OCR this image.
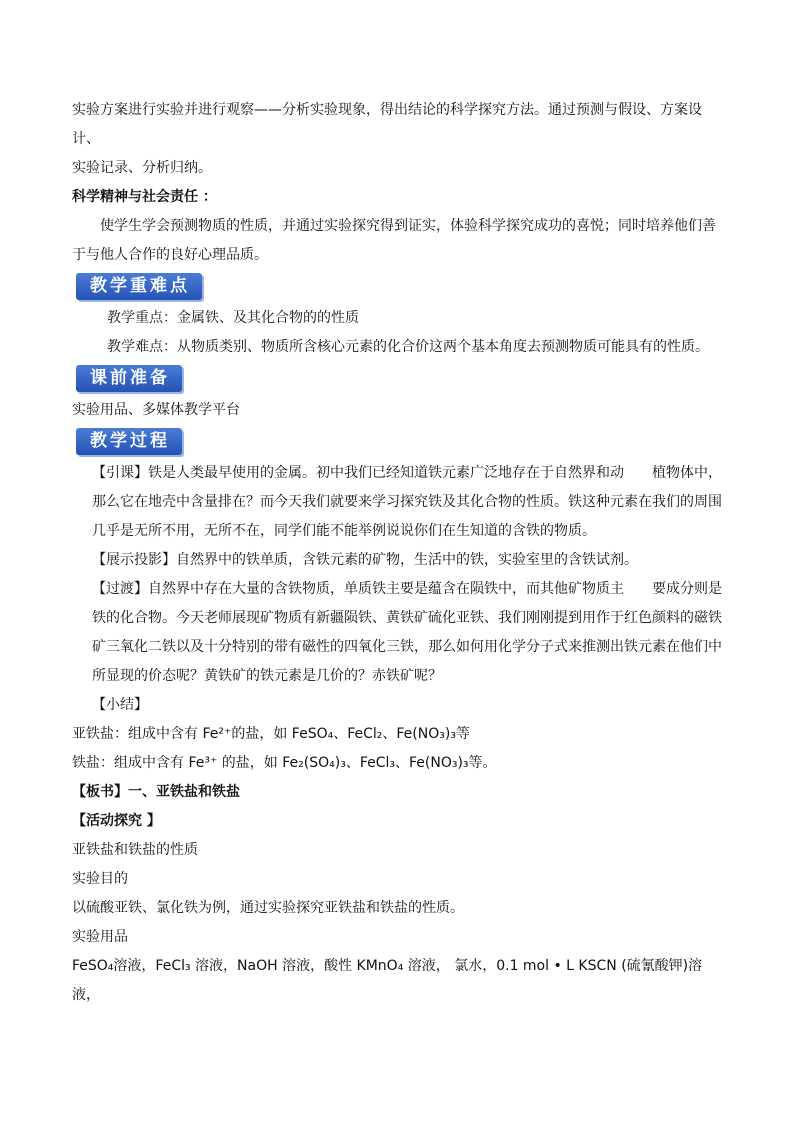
实验方案进行实验并进行观察——分析实验现象，得出结论的科学探究方法。通过预测与假设、方案设计、

实验记录、分析归纳。

科学精神与社会责任 ：

使学生学会预测物质的性质，并通过实验探究得到证实，体验科学探究成功的喜悦；同时培养他们善于与他人合作的良好心理品质。

教学重难点

教学重点：金属铁、及其化合物的的性质

教学难点：从物质类别、物质所含核心元素的化合价这两个基本角度去预测物质可能具有的性质。

课前准备

实验用品、多媒体教学平台

教学过程

【引课】铁是人类最早使用的金属。初中我们已经知道铁元素广泛地存在于自然界和动 植物体中，那么它在地壳中含量排在？而今天我们就要来学习探究铁及其化合物的性质。铁这种元素在我们的周围几乎是无所不用，无所不在，同学们能不能举例说说你们在生知道的含铁的物质。

【展示投影】自然界中的铁单质，含铁元素的矿物，生活中的铁，实验室里的含铁试剂。

【过渡】自然界中存在大量的含铁物质，单质铁主要是蕴含在陨铁中，而其他矿物质主 要成分则是铁的化合物。今天老师展现矿物质有新疆陨铁、黄铁矿硫化亚铁、我们刚刚提到用作于红色颜料的磁铁矿三氧化二铁以及十分特别的带有磁性的四氧化三铁，那么如何用化学分子式来推测出铁元素在他们中所显现的价态呢？黄铁矿的铁元素是几价的？赤铁矿呢？

【小结】

亚铁盐：组成中含有 Fe²⁺的盐，如 FeSO₄、FeCl₂、Fe(NO₃)₃等

铁盐：组成中含有 Fe³⁺ 的盐，如 Fe₂(SO₄)₃、FeCl₃、Fe(NO₃)₃等。

【板书】一、亚铁盐和铁盐

【活动探究 】

亚铁盐和铁盐的性质

实验目的

以硫酸亚铁、氯化铁为例，通过实验探究亚铁盐和铁盐的性质。

实验用品

FeSO₄溶液，FeCl₃ 溶液，NaOH 溶液，酸性 KMnO₄ 溶液， 氯水，0.1 mol • L KSCN (硫氰酸钾)溶液，
